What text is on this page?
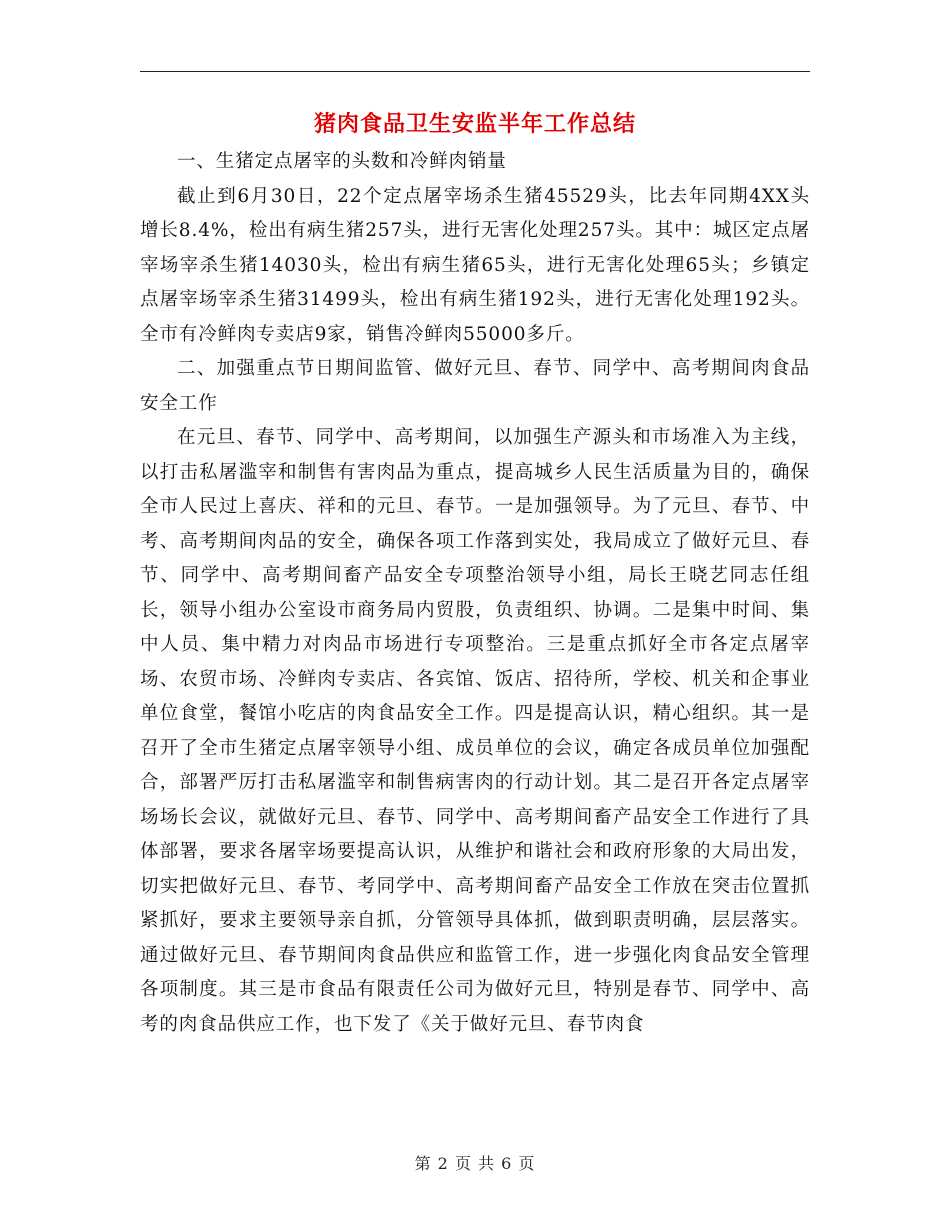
猪肉食品卫生安监半年工作总结

一、生猪定点屠宰的头数和冷鲜肉销量

截止到6月30日，22个定点屠宰场杀生猪45529头，比去年同期4XX头增长8.4%，检出有病生猪257头，进行无害化处理257头。其中：城区定点屠宰场宰杀生猪14030头，检出有病生猪65头，进行无害化处理65头；乡镇定点屠宰场宰杀生猪31499头，检出有病生猪192头，进行无害化处理192头。全市有冷鲜肉专卖店9家，销售冷鲜肉55000多斤。

二、加强重点节日期间监管、做好元旦、春节、同学中、高考期间肉食品安全工作

在元旦、春节、同学中、高考期间，以加强生产源头和市场准入为主线，以打击私屠滥宰和制售有害肉品为重点，提高城乡人民生活质量为目的，确保全市人民过上喜庆、祥和的元旦、春节。一是加强领导。为了元旦、春节、中考、高考期间肉品的安全，确保各项工作落到实处，我局成立了做好元旦、春节、同学中、高考期间畜产品安全专项整治领导小组，局长王晓艺同志任组长，领导小组办公室设市商务局内贸股，负责组织、协调。二是集中时间、集中人员、集中精力对肉品市场进行专项整治。三是重点抓好全市各定点屠宰场、农贸市场、冷鲜肉专卖店、各宾馆、饭店、招待所，学校、机关和企事业单位食堂，餐馆小吃店的肉食品安全工作。四是提高认识，精心组织。其一是召开了全市生猪定点屠宰领导小组、成员单位的会议，确定各成员单位加强配合，部署严厉打击私屠滥宰和制售病害肉的行动计划。其二是召开各定点屠宰场场长会议，就做好元旦、春节、同学中、高考期间畜产品安全工作进行了具体部署，要求各屠宰场要提高认识，从维护和谐社会和政府形象的大局出发，切实把做好元旦、春节、考同学中、高考期间畜产品安全工作放在突击位置抓紧抓好，要求主要领导亲自抓，分管领导具体抓，做到职责明确，层层落实。通过做好元旦、春节期间肉食品供应和监管工作，进一步强化肉食品安全管理各项制度。其三是市食品有限责任公司为做好元旦，特别是春节、同学中、高考的肉食品供应工作，也下发了《关于做好元旦、春节肉食

第 2 页 共 6 页
